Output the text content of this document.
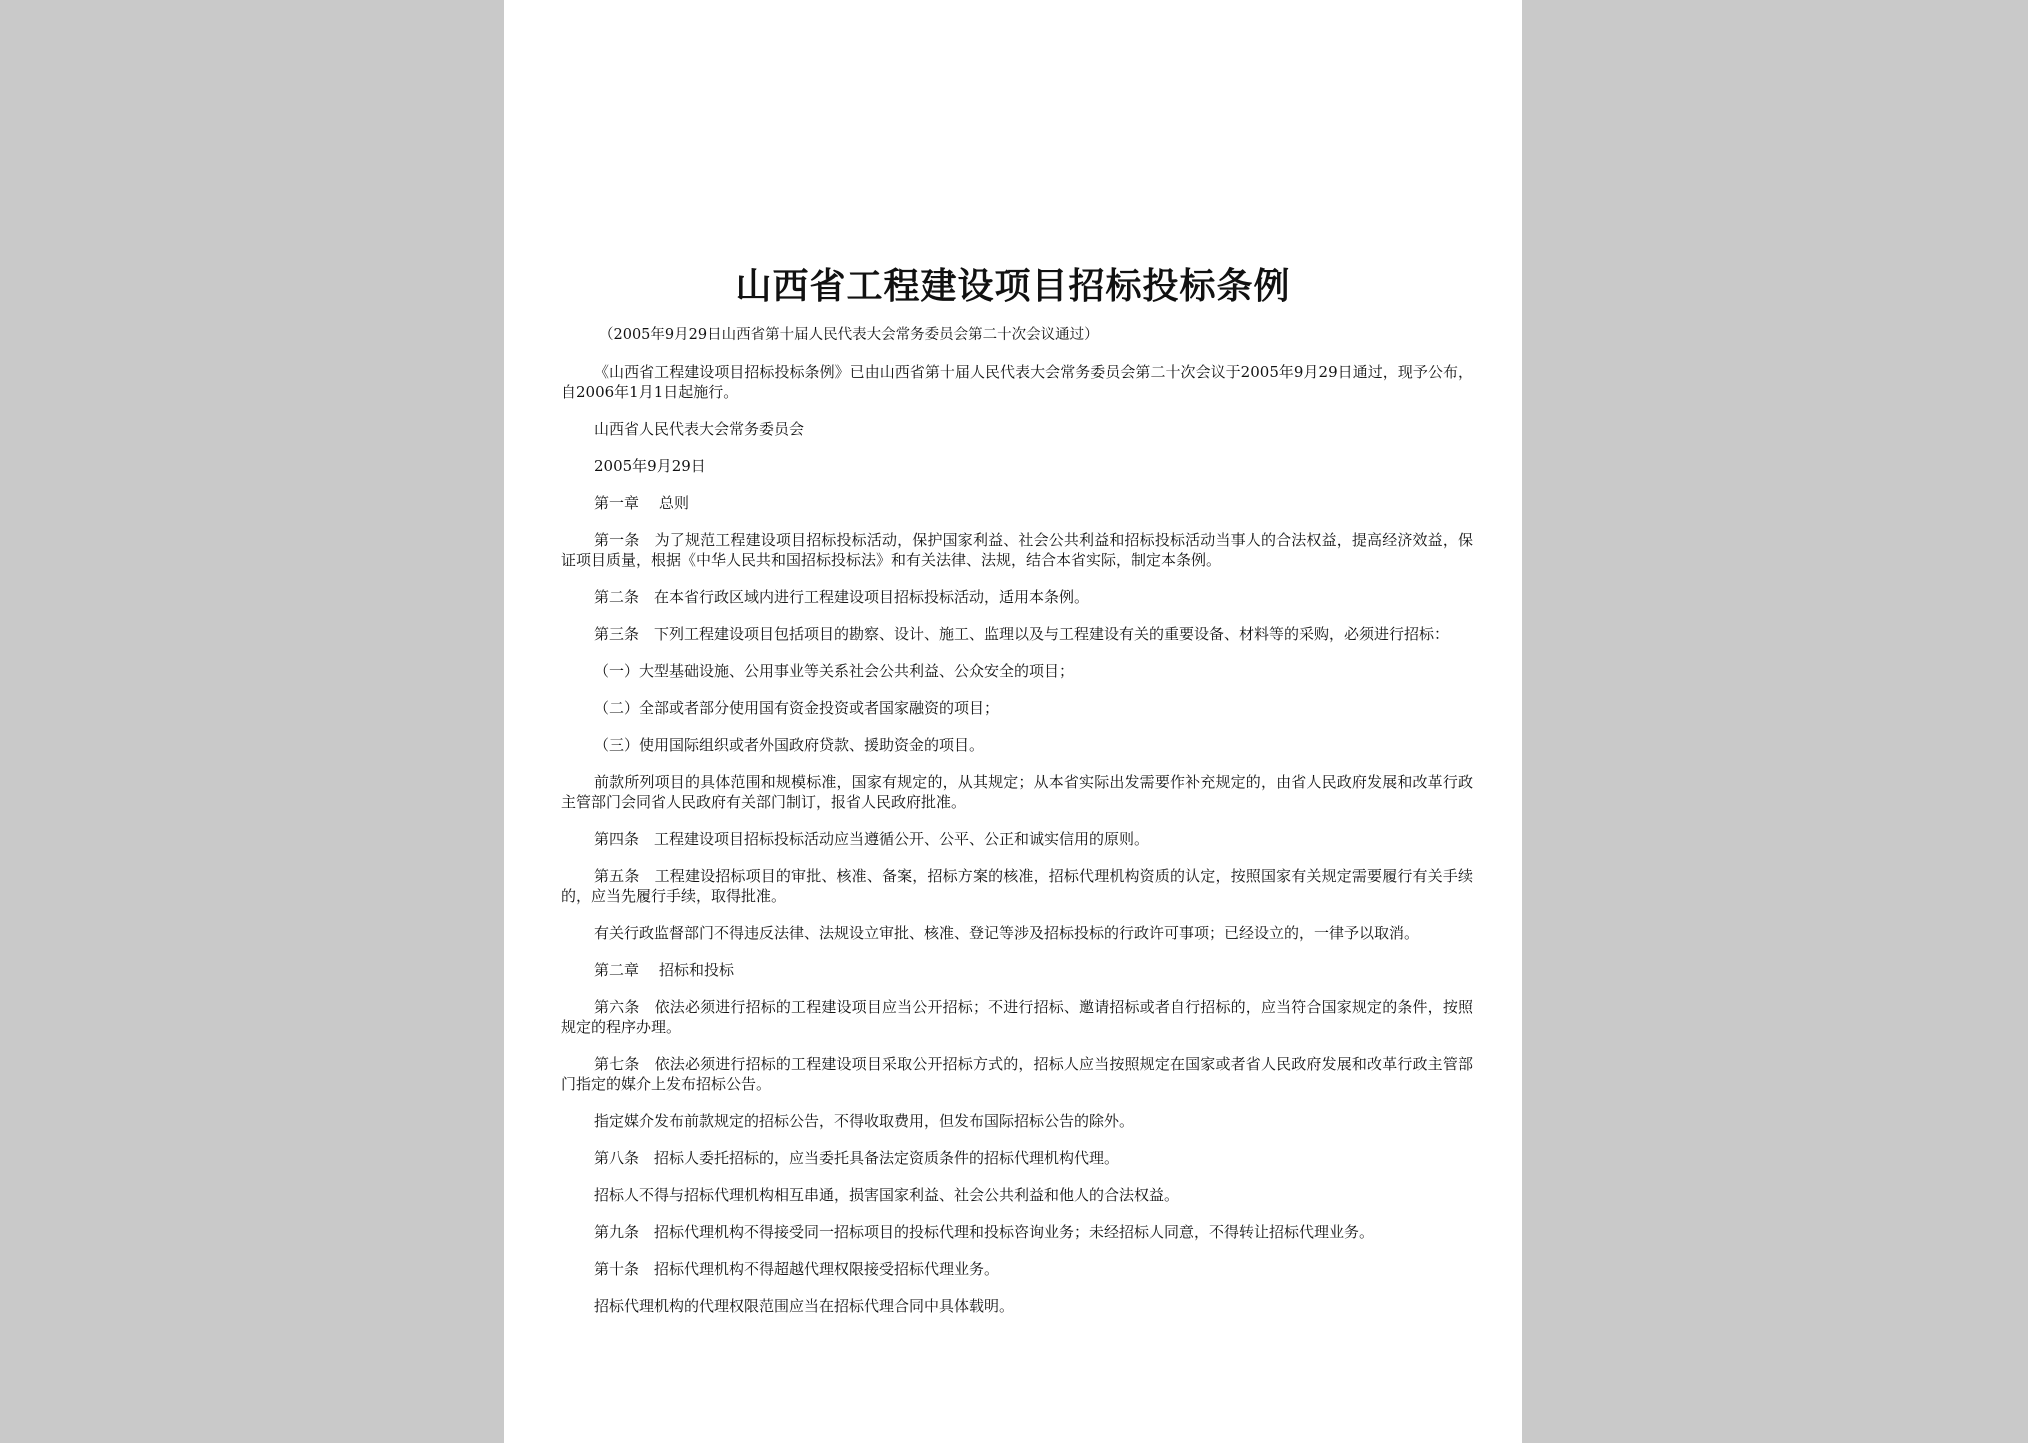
山西省工程建设项目招标投标条例

（2005年9月29日山西省第十届人民代表大会常务委员会第二十次会议通过）

《山西省工程建设项目招标投标条例》已由山西省第十届人民代表大会常务委员会第二十次会议于2005年9月29日通过，现予公布，自2006年1月1日起施行。

山西省人民代表大会常务委员会

2005年9月29日

第一章 总则

第一条　为了规范工程建设项目招标投标活动，保护国家利益、社会公共利益和招标投标活动当事人的合法权益，提高经济效益，保证项目质量，根据《中华人民共和国招标投标法》和有关法律、法规，结合本省实际，制定本条例。

第二条　在本省行政区域内进行工程建设项目招标投标活动，适用本条例。

第三条　下列工程建设项目包括项目的勘察、设计、施工、监理以及与工程建设有关的重要设备、材料等的采购，必须进行招标：

（一）大型基础设施、公用事业等关系社会公共利益、公众安全的项目；

（二）全部或者部分使用国有资金投资或者国家融资的项目；

（三）使用国际组织或者外国政府贷款、援助资金的项目。

前款所列项目的具体范围和规模标准，国家有规定的，从其规定；从本省实际出发需要作补充规定的，由省人民政府发展和改革行政主管部门会同省人民政府有关部门制订，报省人民政府批准。

第四条　工程建设项目招标投标活动应当遵循公开、公平、公正和诚实信用的原则。

第五条　工程建设招标项目的审批、核准、备案，招标方案的核准，招标代理机构资质的认定，按照国家有关规定需要履行有关手续的，应当先履行手续，取得批准。

有关行政监督部门不得违反法律、法规设立审批、核准、登记等涉及招标投标的行政许可事项；已经设立的，一律予以取消。

第二章 招标和投标

第六条　依法必须进行招标的工程建设项目应当公开招标；不进行招标、邀请招标或者自行招标的，应当符合国家规定的条件，按照规定的程序办理。

第七条　依法必须进行招标的工程建设项目采取公开招标方式的，招标人应当按照规定在国家或者省人民政府发展和改革行政主管部门指定的媒介上发布招标公告。

指定媒介发布前款规定的招标公告，不得收取费用，但发布国际招标公告的除外。

第八条　招标人委托招标的，应当委托具备法定资质条件的招标代理机构代理。

招标人不得与招标代理机构相互串通，损害国家利益、社会公共利益和他人的合法权益。

第九条　招标代理机构不得接受同一招标项目的投标代理和投标咨询业务；未经招标人同意，不得转让招标代理业务。

第十条　招标代理机构不得超越代理权限接受招标代理业务。

招标代理机构的代理权限范围应当在招标代理合同中具体载明。
